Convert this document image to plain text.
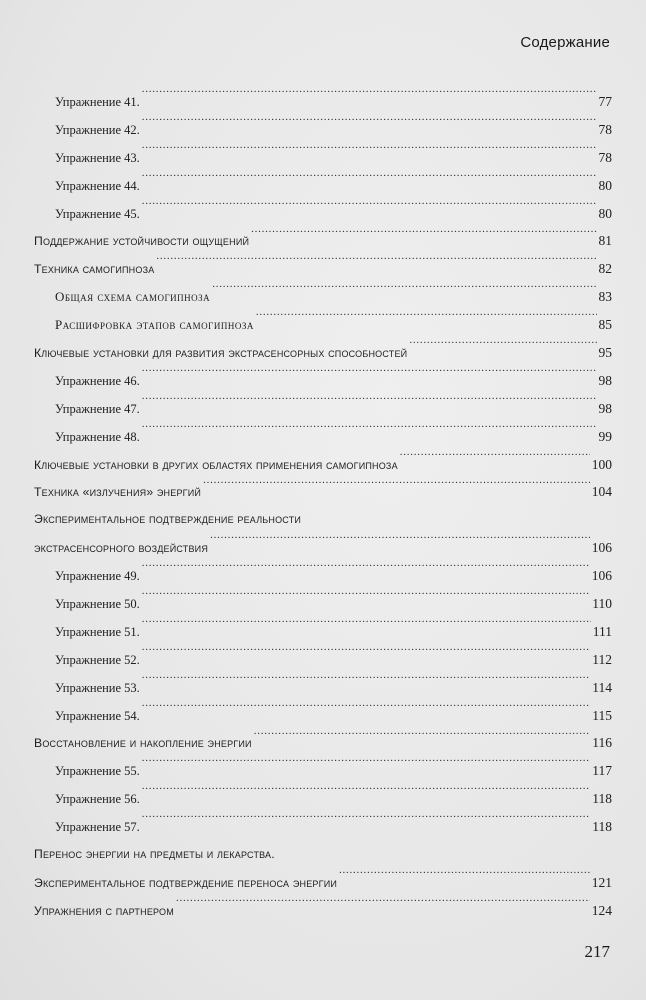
Содержание
Упражнение 41. . . .	77
Упражнение 42. . . .	78
Упражнение 43. . . .	78
Упражнение 44. . . .	80
Упражнение 45. . . .	80
Поддержание устойчивости ощущений . . .	81
Техника самогипноза . . .	82
Общая схема самогипноза . . .	83
Расшифровка этапов самогипноза . . .	85
Ключевые установки для развития экстрасенсорных способностей . . .	95
Упражнение 46. . . .	98
Упражнение 47. . . .	98
Упражнение 48. . . .	99
Ключевые установки в других областях применения самогипноза . . .	100
Техника «излучения» энергий . . .	104
Экспериментальное подтверждение реальности
экстрасенсорного воздействия . . .	106
Упражнение 49. . . .	106
Упражнение 50. . . .	110
Упражнение 51. . . .	111
Упражнение 52. . . .	112
Упражнение 53. . . .	114
Упражнение 54. . . .	115
Восстановление и накопление энергии . . .	116
Упражнение 55. . . .	117
Упражнение 56. . . .	118
Упражнение 57. . . .	118
Перенос энергии на предметы и лекарства.
Экспериментальное подтверждение переноса энергии . . .	121
Упражнения с партнером . . .	124
217
